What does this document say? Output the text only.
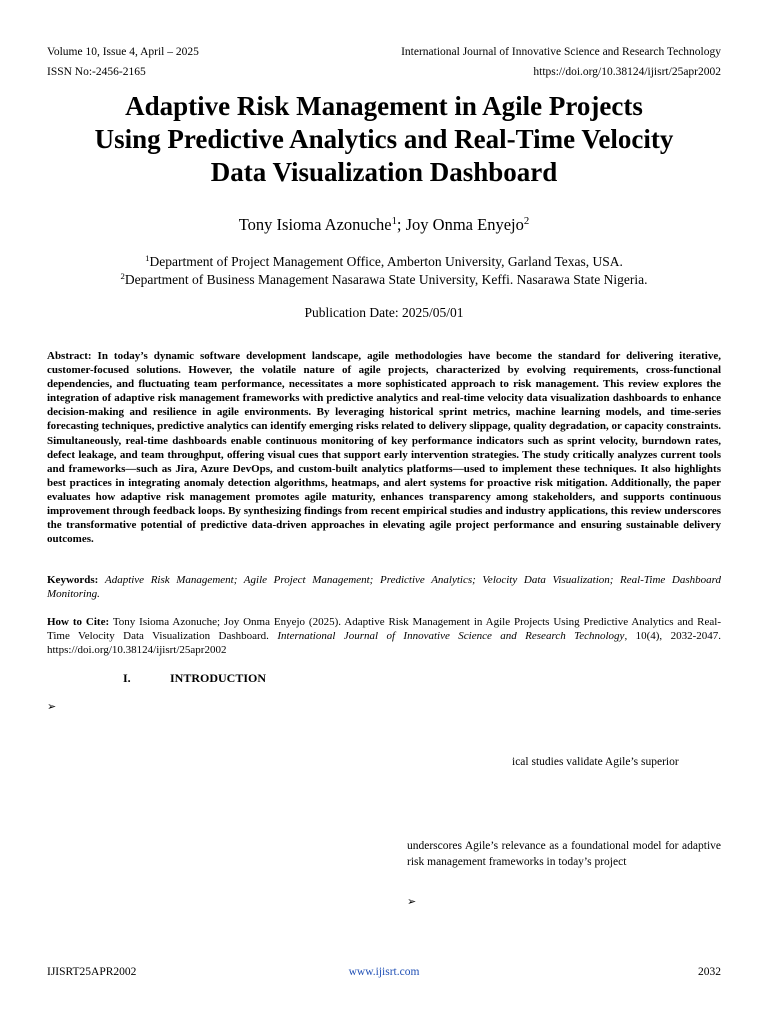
Volume 10, Issue 4, April – 2025	International Journal of Innovative Science and Research Technology
ISSN No:-2456-2165	https://doi.org/10.38124/ijisrt/25apr2002
Adaptive Risk Management in Agile Projects
Using Predictive Analytics and Real-Time Velocity
Data Visualization Dashboard
Tony Isioma Azonuche$^1$; Joy Onma Enyejo$^2$
$^1$Department of Project Management Office, Amberton University, Garland Texas, USA.
$^2$Department of Business Management Nasarawa State University, Keffi. Nasarawa State Nigeria.
Publication Date: 2025/05/01
Abstract: In today’s dynamic software development landscape, agile methodologies have become the standard for delivering iterative, customer-focused solutions. However, the volatile nature of agile projects, characterized by evolving requirements, cross-functional dependencies, and fluctuating team performance, necessitates a more sophisticated approach to risk management. This review explores the integration of adaptive risk management frameworks with predictive analytics and real-time velocity data visualization dashboards to enhance decision-making and resilience in agile environments. By leveraging historical sprint metrics, machine learning models, and time-series forecasting techniques, predictive analytics can identify emerging risks related to delivery slippage, quality degradation, or capacity constraints. Simultaneously, real-time dashboards enable continuous monitoring of key performance indicators such as sprint velocity, burndown rates, defect leakage, and team throughput, offering visual cues that support early intervention strategies. The study critically analyzes current tools and frameworks—such as Jira, Azure DevOps, and custom-built analytics platforms—used to implement these techniques. It also highlights best practices in integrating anomaly detection algorithms, heatmaps, and alert systems for proactive risk mitigation. Additionally, the paper evaluates how adaptive risk management promotes agile maturity, enhances transparency among stakeholders, and supports continuous improvement through feedback loops. By synthesizing findings from recent empirical studies and industry applications, this review underscores the transformative potential of predictive data-driven approaches in elevating agile project performance and ensuring sustainable delivery outcomes.
Keywords: Adaptive Risk Management; Agile Project Management; Predictive Analytics; Velocity Data Visualization; Real-Time Dashboard Monitoring.
How to Cite: Tony Isioma Azonuche; Joy Onma Enyejo (2025). Adaptive Risk Management in Agile Projects Using Predictive Analytics and Real-Time Velocity Data Visualization Dashboard. International Journal of Innovative Science and Research Technology, 10(4), 2032-2047. https://doi.org/10.38124/ijisrt/25apr2002
I.	INTRODUCTION
➢
ical studies validate Agile’s superior
underscores Agile’s relevance as a foundational model for adaptive risk management frameworks in today’s project
➢
IJISRT25APR2002	www.ijisrt.com	2032
